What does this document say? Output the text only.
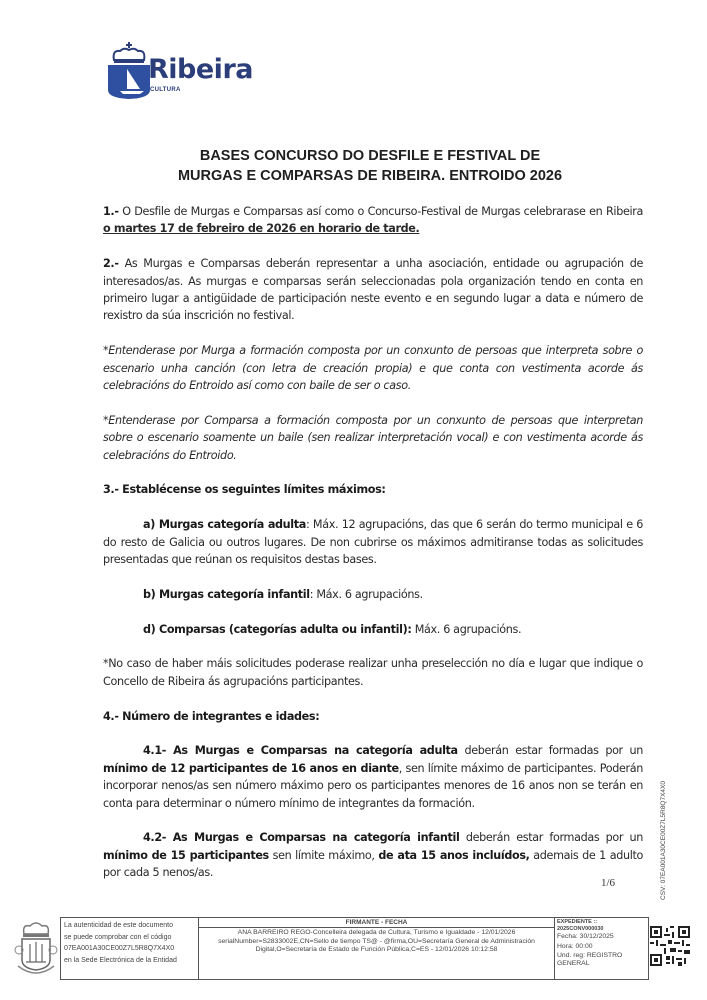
Ribeira
CULTURA
BASES CONCURSO DO DESFILE E FESTIVAL DE
MURGAS E COMPARSAS DE RIBEIRA. ENTROIDO 2026

1.- O Desfile de Murgas e Comparsas así como o Concurso-Festival de Murgas celebrarase en Ribeira o martes 17 de febreiro de 2026 en horario de tarde.

2.- As Murgas e Comparsas deberán representar a unha asociación, entidade ou agrupación de interesados/as. As murgas e comparsas serán seleccionadas pola organización tendo en conta en primeiro lugar a antigüidade de participación neste evento e en segundo lugar a data e número de rexistro da súa inscrición no festival.

*Entenderase por Murga a formación composta por un conxunto de persoas que interpreta sobre o escenario unha canción (con letra de creación propia) e que conta con vestimenta acorde ás celebracións do Entroido así como con baile de ser o caso.

*Entenderase por Comparsa a formación composta por un conxunto de persoas que interpretan sobre o escenario soamente un baile (sen realizar interpretación vocal) e con vestimenta acorde ás celebracións do Entroido.

3.- Establécense os seguintes límites máximos:

a) Murgas categoría adulta: Máx. 12 agrupacións, das que 6 serán do termo municipal e 6 do resto de Galicia ou outros lugares. De non cubrirse os máximos admitiranse todas as solicitudes presentadas que reúnan os requisitos destas bases.

b) Murgas categoría infantil: Máx. 6 agrupacións.

d) Comparsas (categorías adulta ou infantil): Máx. 6 agrupacións.

*No caso de haber máis solicitudes poderase realizar unha preselección no día e lugar que indique o Concello de Ribeira ás agrupacións participantes.

4.- Número de integrantes e idades:

4.1- As Murgas e Comparsas na categoría adulta deberán estar formadas por un mínimo de 12 participantes de 16 anos en diante, sen límite máximo de participantes. Poderán incorporar nenos/as sen número máximo pero os participantes menores de 16 anos non se terán en conta para determinar o número mínimo de integrantes da formación.

4.2- As Murgas e Comparsas na categoría infantil deberán estar formadas por un mínimo de 15 participantes sen límite máximo, de ata 15 anos incluídos, ademais de 1 adulto por cada 5 nenos/as.

1/6	CSV: 07EA001A30CE00Z7L5R8Q7X4X0
La autenticidad de este documento
se puede comprobar con el código
07EA001A30CE00Z7L5R8Q7X4X0
en la Sede Electrónica de la Entidad
FIRMANTE - FECHA
ANA BARREIRO REGO-Concelleira delegada de Cultura, Turismo e Igualdade - 12/01/2026
serialNumber=S2833002E,CN=Sello de tiempo TS@ - @firma,OU=Secretaría General de Administración
Digital,O=Secretaría de Estado de Función Pública,C=ES - 12/01/2026 10:12:58
EXPEDIENTE ::
2025CONV000030
Fecha: 30/12/2025
Hora: 00:00
Und. reg: REGISTRO GENERAL
